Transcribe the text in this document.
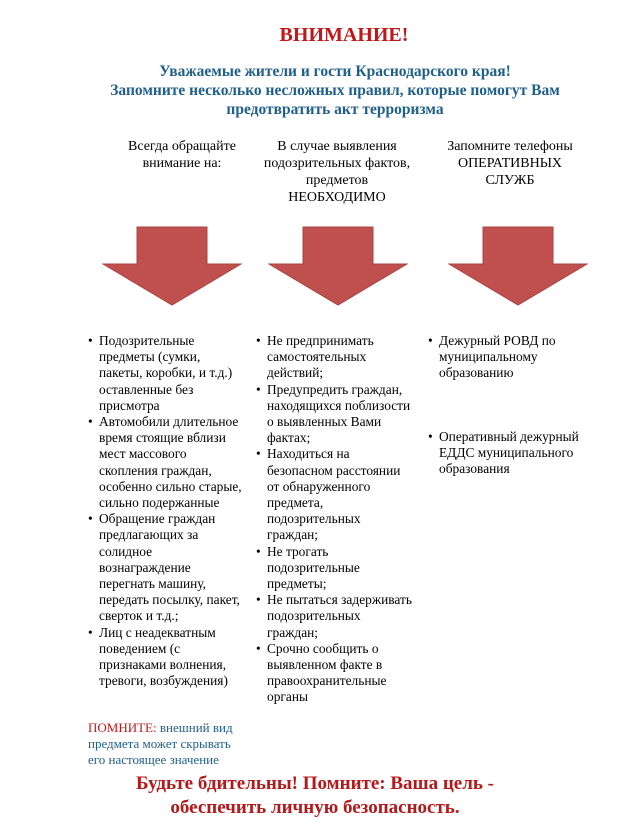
ВНИМАНИЕ!
Уважаемые жители и гости Краснодарского края!
Запомните несколько несложных правил, которые помогут Вам
предотвратить акт терроризма
Всегда обращайте
внимание на:
В случае выявления
подозрительных фактов,
предметов
НЕОБХОДИМО
Запомните телефоны
ОПЕРАТИВНЫХ
СЛУЖБ
• Подозрительные
предметы (сумки,
пакеты, коробки, и т.д.)
оставленные без
присмотра
• Автомобили длительное
время стоящие вблизи
мест массового
скопления граждан,
особенно сильно старые,
сильно подержанные
• Обращение граждан
предлагающих за
солидное
вознаграждение
перегнать машину,
передать посылку, пакет,
сверток и т.д.;
• Лиц с неадекватным
поведением (с
признаками волнения,
тревоги, возбуждения)
• Не предпринимать
самостоятельных
действий;
• Предупредить граждан,
находящихся поблизости
о выявленных Вами
фактах;
• Находиться на
безопасном расстоянии
от обнаруженного
предмета,
подозрительных
граждан;
• Не трогать
подозрительные
предметы;
• Не пытаться задерживать
подозрительных
граждан;
• Срочно сообщить о
выявленном факте в
правоохранительные
органы
• Дежурный РОВД по
муниципальному
образованию
• Оперативный дежурный
ЕДДС муниципального
образования
ПОМНИТЕ: внешний вид
предмета может скрывать
его настоящее значение
Будьте бдительны! Помните: Ваша цель -
обеспечить личную безопасность.
